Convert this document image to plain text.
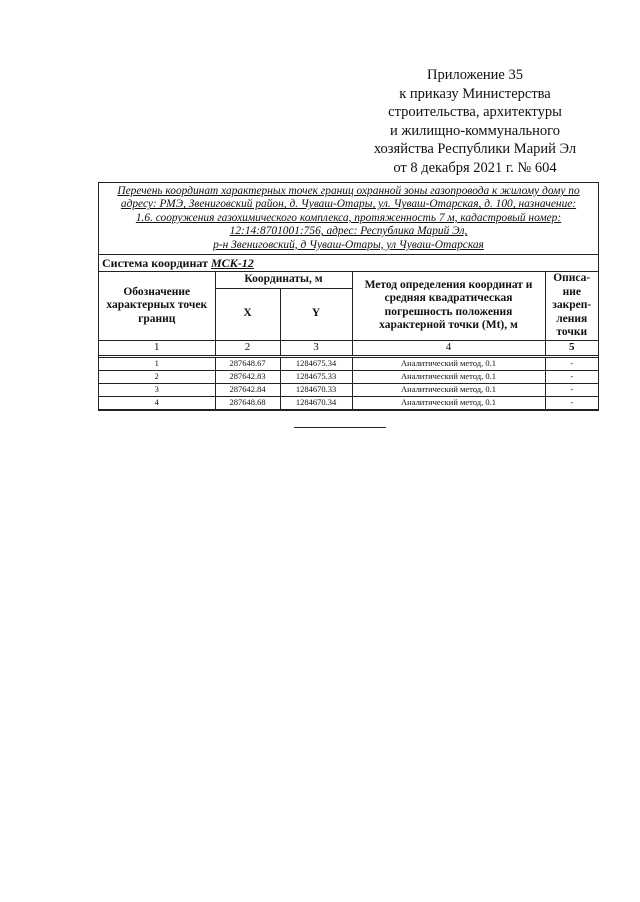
Приложение 35
к приказу Министерства
строительства, архитектуры
и жилищно-коммунального
хозяйства Республики Марий Эл
от 8 декабря 2021 г. № 604
Перечень координат характерных точек границ охранной зоны газопровода к жилому дому по
адресу: РМЭ, Звениговский район, д. Чуваш-Отары, ул. Чуваш-Отарская, д. 100, назначение:
1.6. сооружения газохимического комплекса, протяженность 7 м, кадастровый номер:
12:14:8701001:756, адрес: Республика Марий Эл,
р-н Звениговский, д Чуваш-Отары, ул Чуваш-Отарская
Система координат МСК-12
Обозначение характерных точек границ	Координаты, м		Метод определения координат и средняя квадратическая погрешность положения характерной точки (Mt), м	Описа-ние закреп-ления точки
	X	Y		
1	2	3	4	5
1	287648.67	1284675.34	Аналитический метод, 0.1	-
2	287642.83	1284675.33	Аналитический метод, 0.1	-
3	287642.84	1284670.33	Аналитический метод, 0.1	-
4	287648.68	1284670.34	Аналитический метод, 0.1	-
